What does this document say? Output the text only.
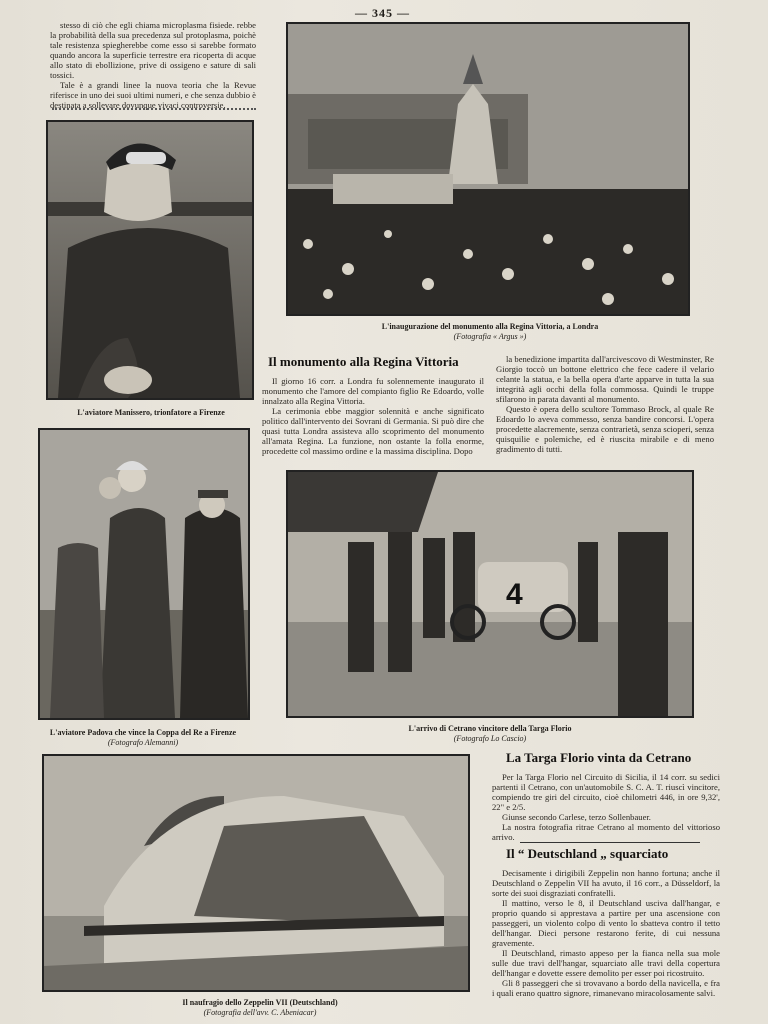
— 345 —

stesso di ciò che egli chiama microplasma fisiede. rebbe la probabilità della sua precedenza sul protoplasma, poichè tale resistenza spiegherebbe come esso si sarebbe formato quando ancora la superficie terrestre era ricoperta di acque allo stato di ebollizione, prive di ossigeno e sature di sali tossici.

Tale è a grandi linee la nuova teoria che la Revue riferisce in uno dei suoi ultimi numeri, e che senza dubbio è destinata a sollevare dovunque vivaci controversie.

L'aviatore Manissero, trionfatore a Firenze
L'inaugurazione del monumento alla Regina Vittoria, a Londra
(Fotografia « Argus »)
Il monumento alla Regina Vittoria

Il giorno 16 corr. a Londra fu solennemente inaugurato il monumento che l'amore del compianto figlio Re Edoardo, volle innalzato alla Regina Vittoria.

La cerimonia ebbe maggior solennità e anche significato politico dall'intervento dei Sovrani di Germania. Si può dire che quasi tutta Londra assisteva allo scoprimento del monumento all'amata Regina. La funzione, non ostante la folla enorme, procedette col massimo ordine e la massima disciplina. Dopo

la benedizione impartita dall'arcivescovo di Westminster, Re Giorgio toccò un bottone elettrico che fece cadere il velario celante la statua, e la bella opera d'arte apparve in tutta la sua integrità agli occhi della folla commossa. Quindi le truppe sfilarono in parata davanti al monumento.

Questo è opera dello scultore Tommaso Brock, al quale Re Edoardo lo aveva commesso, senza bandire concorsi. L'opera procedette alacremente, senza contrarietà, senza scioperi, senza quisquilie e polemiche, ed è riuscita mirabile e di meno gradimento di tutti.

L'aviatore Padova che vince la Coppa del Re a Firenze
(Fotografo Alemanni)
4
L'arrivo di Cetrano vincitore della Targa Florio
(Fotografo Lo Cascio)
Il naufragio dello Zeppelin VII (Deutschland)
(Fotografia dell'avv. C. Abeniacar)
La Targa Florio vinta da Cetrano

Per la Targa Florio nel Circuito di Sicilia, il 14 corr. su sedici partenti il Cetrano, con un'automobile S. C. A. T. riuscì vincitore, compiendo tre giri del circuito, cioè chilometri 446, in ore 9,32', 22" e 2/5.

Giunse secondo Carlese, terzo Sollenbauer.

La nostra fotografia ritrae Cetrano al momento del vittorioso arrivo.

Il “ Deutschland „ squarciato

Decisamente i dirigibili Zeppelin non hanno fortuna; anche il Deutschland o Zeppelin VII ha avuto, il 16 corr., a Düsseldorf, la sorte dei suoi disgraziati confratelli.

Il mattino, verso le 8, il Deutschland usciva dall'hangar, e proprio quando si apprestava a partire per una ascensione con passeggeri, un violento colpo di vento lo sbatteva contro il tetto dell'hangar. Dieci persone restarono ferite, di cui nessuna gravemente.

Il Deutschland, rimasto appeso per la fianca nella sua mole sulle due travi dell'hangar, squarciato alle travi della copertura dell'hangar e dovette essere demolito per esser poi ricostruito.

Gli 8 passeggeri che si trovavano a bordo della navicella, e fra i quali erano quattro signore, rimanevano miracolosamente salvi.
